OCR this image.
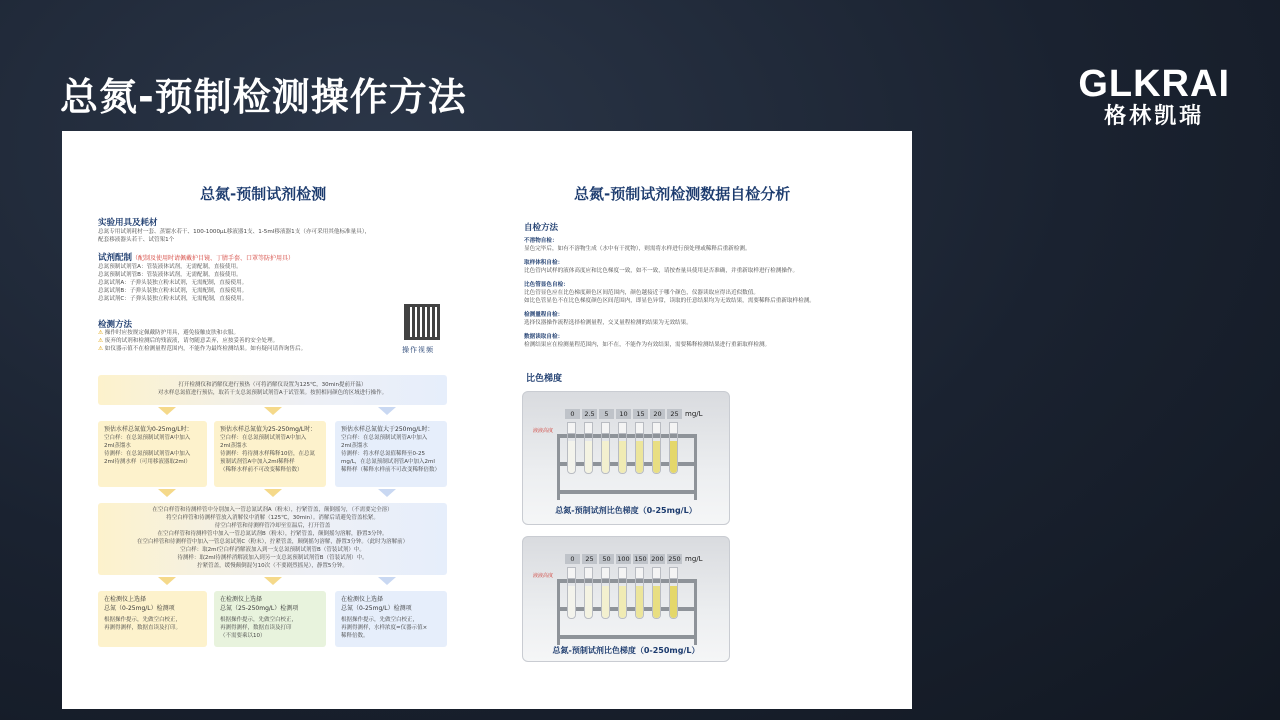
总氮-预制检测操作方法	GLKRAI
格林凯瑞
总氮-预制试剂检测
实验用具及耗材
总氮专用试剂耗材一套、蒸馏水若干、100-1000μL移液器1支、1-5ml移液器1支（亦可采用其他标准量具），
配套移液器头若干、试管架1个
试剂配制（配制及使用时请佩戴护目镜、丁腈手套、口罩等防护用具）
总氮预制试剂管A：管装液体试剂，无需配制，直接使用。
总氮预制试剂管B：管装液体试剂，无需配制，直接使用。
总氮试剂A：子弹头装独立粉末试剂，无需配制，直接使用。
总氮试剂B：子弹头装独立粉末试剂，无需配制，直接使用。
总氮试剂C：子弹头装独立粉末试剂，无需配制，直接使用。
检测方法
⚠ 操作时应按规定佩戴防护用具，避免接触皮肤和衣服。
⚠ 废弃的试剂和检测后的残液液，请勿随意丢弃，应按妥善的安全处理。
⚠ 如仪器示值不在检测量程范围内，不能作为最终检测结果。如有疑问请咨询售后。	操作视频
打开检测仪和消解仪进行预热（可将消解仪设置为125℃，30min提前开温）
对水样总氮值进行预估，取若干支总氮预制试剂管A于试管架。按照相同颜色的区域进行操作。
预估水样总氮值为0-25mg/L时：
空白样：在总氮预制试剂管A中加入
2ml蒸馏水
待测样：在总氮预制试剂管A中加入
2ml待测水样（可用移液器取2ml）
预估水样总氮值为25-250mg/L时：
空白样：在总氮预制试剂管A中加入
2ml蒸馏水
待测样：将待测水样稀释10倍，在总氮
预制试剂管A中加入2ml稀释样
（稀释水样前不可改变稀释倍数）
预估水样总氮值大于250mg/L时：
空白样：在总氮预制试剂管A中加入
2ml蒸馏水
待测样：将水样总氮值稀释至0-25
mg/L，在总氮预制试剂管A中加入2ml
稀释样（稀释水样前不可改变稀释倍数）
在空白样管和待测样管中分别加入一管总氮试剂A（粉末），拧紧管盖，颠倒摇匀，（不需要完全溶）
将空白样管和待测样管放入消解仪中消解（125℃，30min）。消解后请避免管盖松紧。
待空白样管和待测样管冷却至室温后，打开管盖
在空白样管和待测样管中加入一管总氮试剂B（粉末），拧紧管盖，颠倒摇匀溶解，静置3分钟。
在空白样管和待测样管中加入一管总氮试剂C（粉末），拧紧管盖，颠倒摇匀溶解，静置3分钟。（此时为溶解前）
空白样：取2ml空白样消解液加入到一支总氮预制试剂管B（管装试剂）中。
待测样：取2ml待测样消解液加入到另一支总氮预制试剂管B（管装试剂）中。
拧紧管盖，缓慢颠倒混匀10次（不要剧烈摇晃），静置5分钟。
在检测仪上选择
总氮（0-25mg/L）检测项
根据操作提示，先做空白校正，
再测得测样，数据直读及打印。
在检测仪上选择
总氮（25-250mg/L）检测项
根据操作提示，先做空白校正，
再测得测样，数据直读及打印
（不需要乘以10）
在检测仪上选择
总氮（0-25mg/L）检测项
根据操作提示，先做空白校正，
再测得测样，水样浓度=仪器示值×
稀释倍数。
总氮-预制试剂检测数据自检分析
自检方法
不溶物自检：
显色完毕后，如有不溶物生成（水中有干扰物），则需将水样进行预处理或稀释后重新检测。
取样体积自检：
比色管内试样的液体高度应和比色梯度一致，如不一致，请按查量具使用是否准确，并重新取样进行检测操作。
比色管显色自检：
比色管显色应在比色梯度颜色区间范围内，颜色越接近于哪个颜色，仪器读取应得出近似数值。
如比色管显色不在比色梯度颜色区间范围内，即显色异常，读取的任意结果均为无效结果，需要稀释后重新取样检测。
检测量程自检：
选择仪器操作流程选择检测量程，交叉量程检测的结果为无效结果。
数据读取自检：
检测结果应在检测量程范围内，如不在，不能作为有效结果，需要稀释检测结果进行重新取样检测。
比色梯度
0	2.5	5	10	15	20	25 mg/L
液液高度
总氮-预制试剂比色梯度（0-25mg/L）
0	25	50	100 150 200 250 mg/L
液液高度
总氮-预制试剂比色梯度（0-250mg/L）
